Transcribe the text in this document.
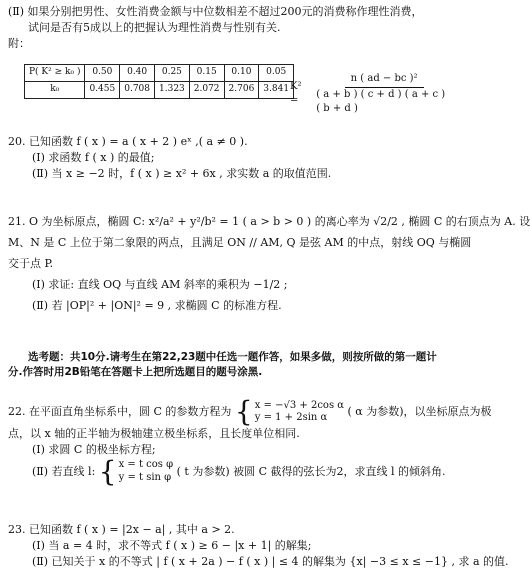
(Ⅱ) 如果分别把男性、女性消费金额与中位数相差不超过200元的消费称作理性消费，
试问是否有5成以上的把握认为理性消费与性别有关.
附：
P( K² ≥ k₀ )	0.50	0.40	0.25	0.15	0.10	0.05
k₀	0.455	0.708	1.323	2.072	2.706	3.841 K² =	$\frac{\text{n ( ad − bc )²}}{( a + b ) ( c + d ) ( a + c ) ( b + d )}$
20. 已知函数 f ( x ) = a ( x + 2 ) eˣ ,( a ≠ 0 ).
(Ⅰ) 求函数 f ( x ) 的最值;
(Ⅱ) 当 x ≥ −2 时，f ( x ) ≥ x² + 6x , 求实数 a 的取值范围.
21. O 为坐标原点，椭圆 C: x²/a² + y²/b² = 1 ( a > b > 0 ) 的离心率为 √2/2 , 椭圆 C 的右顶点为 A. 设
M、N 是 C 上位于第二象限的两点，且满足 ON // AM, Q 是弦 AM 的中点，射线 OQ 与椭圆
交于点 P.
(Ⅰ) 求证: 直线 OQ 与直线 AM 斜率的乘积为 −1/2 ;
(Ⅱ) 若 |OP|² + |ON|² = 9 , 求椭圆 C 的标准方程.
选考题：共10分.请考生在第22,23题中任选一题作答，如果多做，则按所做的第一题计
分.作答时用2B铅笔在答题卡上把所选题目的题号涂黑.
22. 在平面直角坐标系中，圆 C 的参数方程为 { x = −√3 + 2cos α
y = 1 + 2sin α	( α 为参数)，以坐标原点为极
点，以 x 轴的正半轴为极轴建立极坐标系，且长度单位相同.
(Ⅰ) 求圆 C 的极坐标方程;
(Ⅱ) 若直线 l: { x = t cos φ
y = t sin φ ( t 为参数) 被圆 C 截得的弦长为2，求直线 l 的倾斜角.
23. 已知函数 f ( x ) = |2x − a| , 其中 a > 2.
(Ⅰ) 当 a = 4 时，求不等式 f ( x ) ≥ 6 − |x + 1| 的解集;
(Ⅱ) 已知关于 x 的不等式 | f ( x + 2a ) − f ( x ) | ≤ 4 的解集为 {x| −3 ≤ x ≤ −1} , 求 a 的值.
